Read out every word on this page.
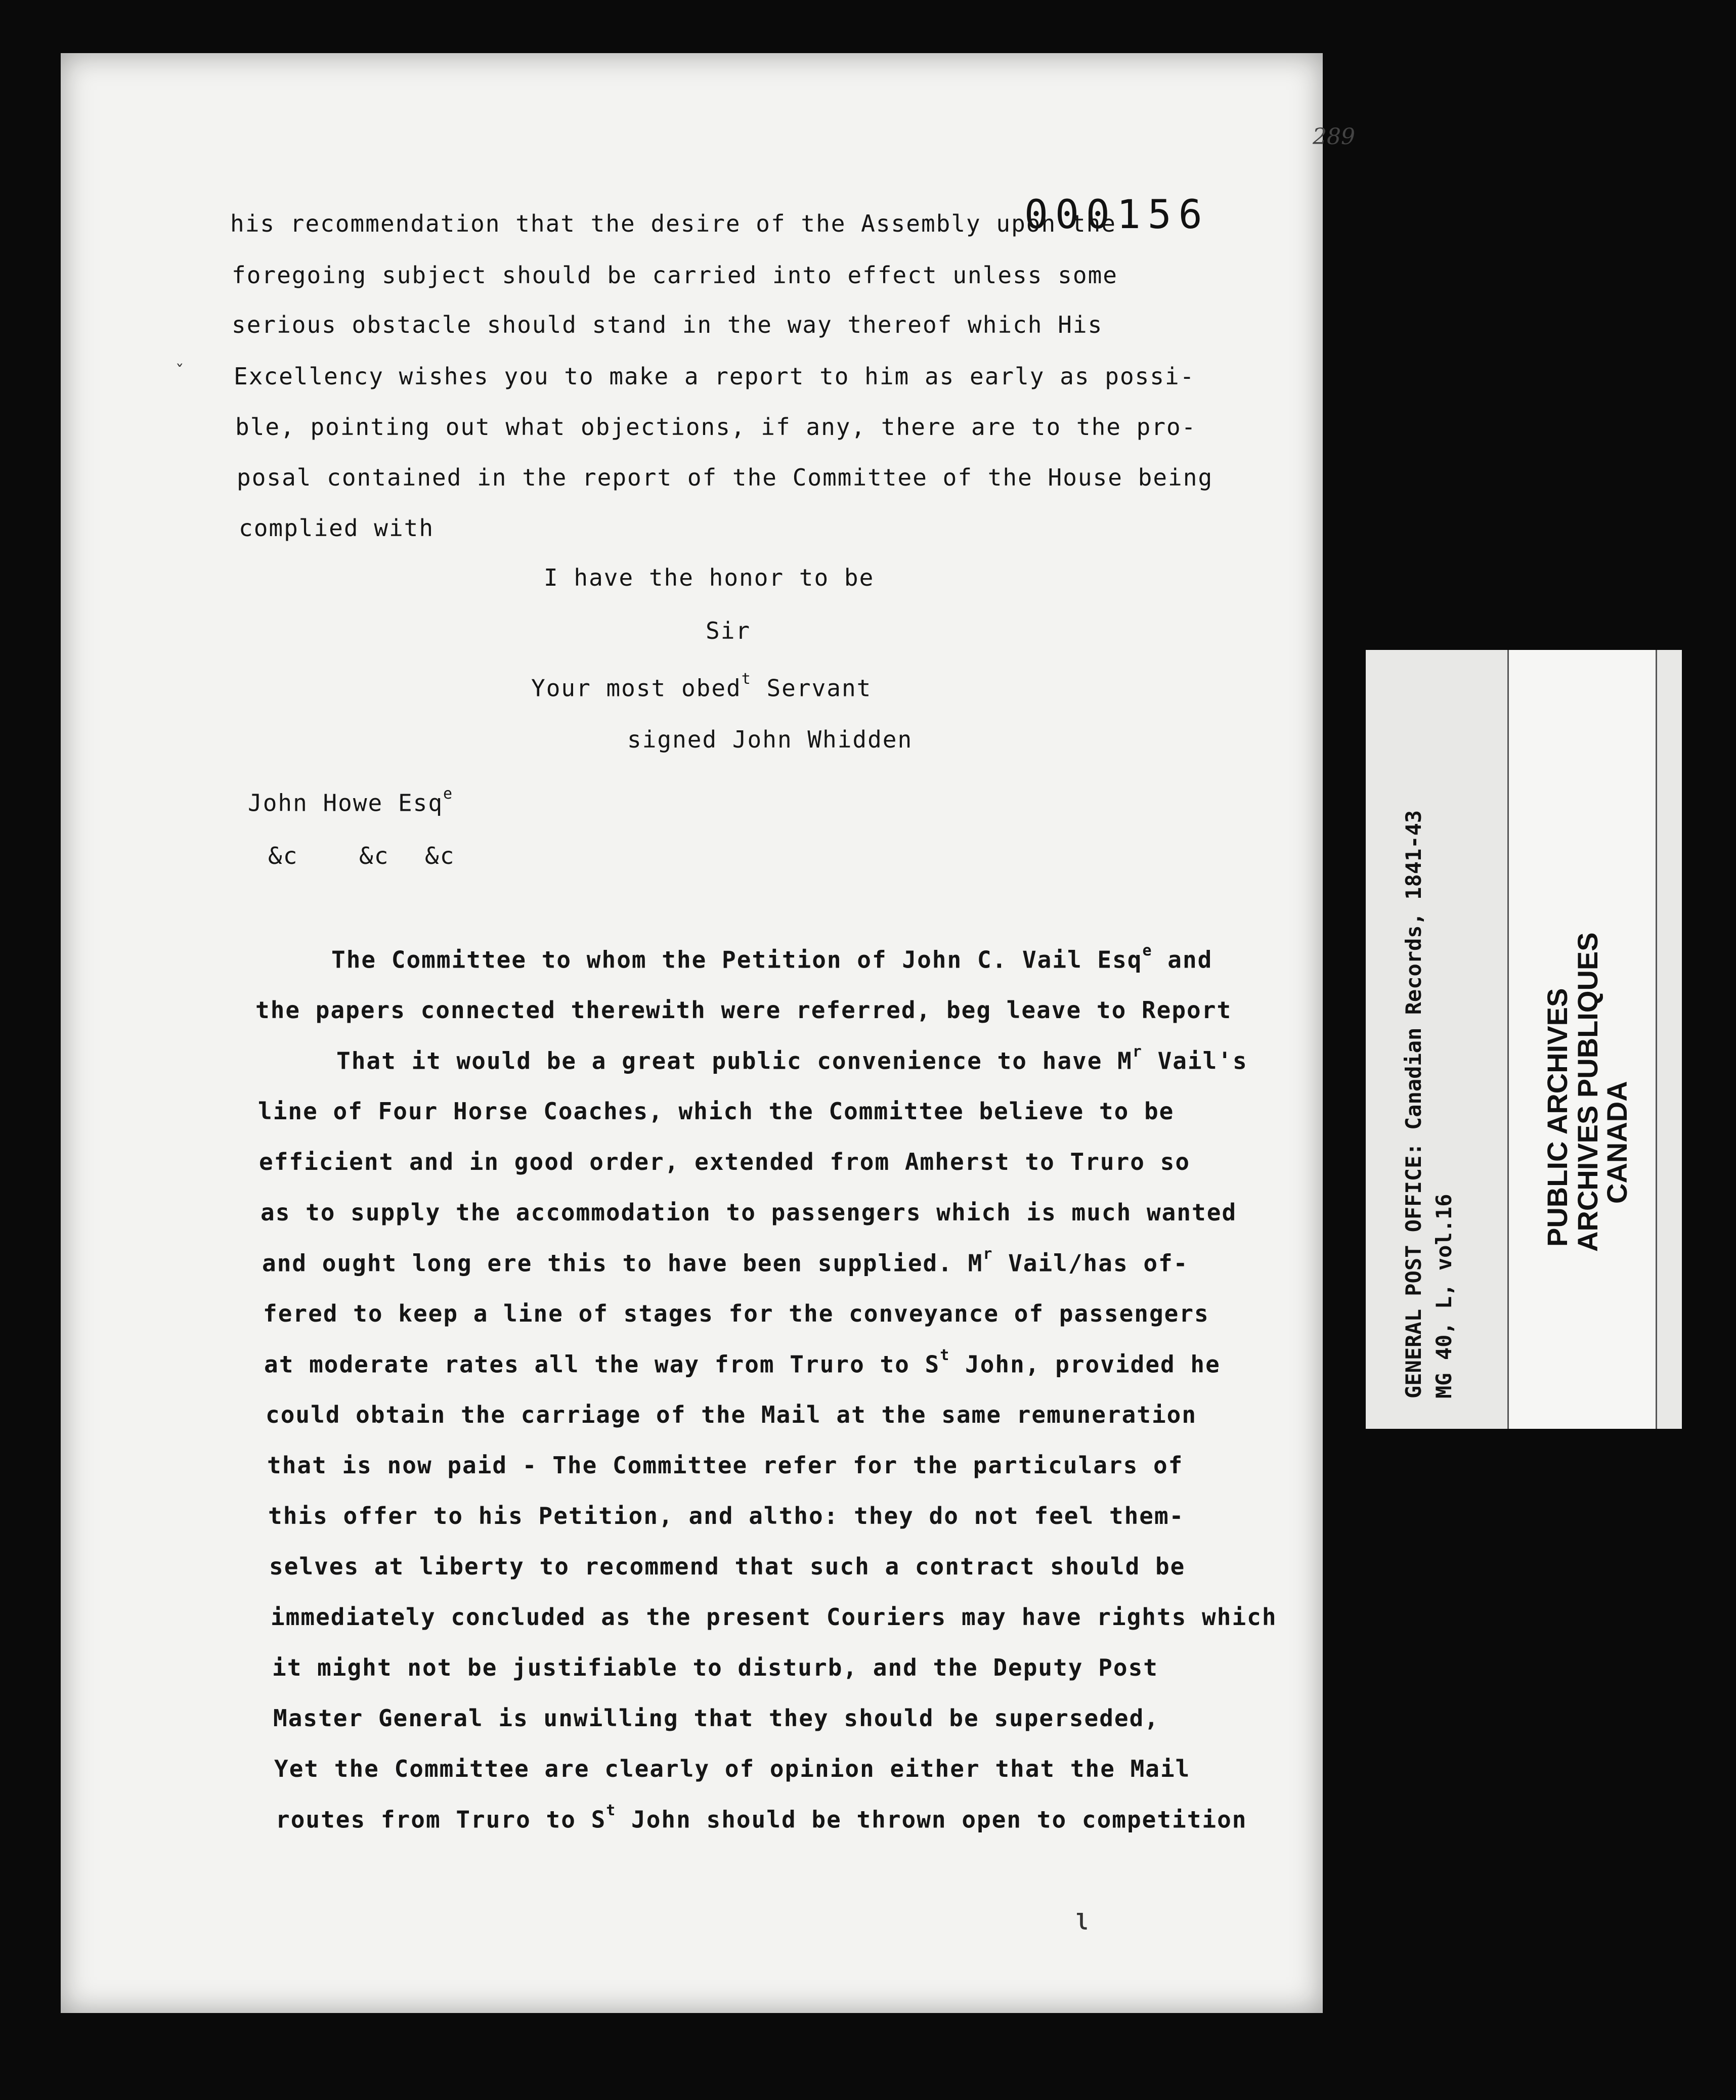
289
000156
his recommendation that the desire of the Assembly upon the
foregoing subject should be carried into effect unless some
serious obstacle should stand in the way thereof which His
Excellency wishes you to make a report to him as early as possi-
ble, pointing out what objections, if any, there are to the pro-
posal contained in the report of the Committee of the House being
complied with
I have the honor to be
Sir
Your most obed$^t$ Servant
signed John Whidden
John Howe Esq$^e$
&c	&c &c
The Committee to whom the Petition of John C. Vail Esq$^e$ and
the papers connected therewith were referred, beg leave to Report
That it would be a great public convenience to have $M^r$ Vail's
line of Four Horse Coaches, which the Committee believe to be
efficient and in good order, extended from Amherst to Truro so
as to supply the accommodation to passengers which is much wanted
and ought long ere this to have been supplied. $M^r$ Vail/has of-
fered to keep a line of stages for the conveyance of passengers
at moderate rates all the way from Truro to $S^t$ John, provided he
could obtain the carriage of the Mail at the same remuneration
that is now paid - The Committee refer for the particulars of
this offer to his Petition, and altho: they do not feel them-
selves at liberty to recommend that such a contract should be
immediately concluded as the present Couriers may have rights which
it might not be justifiable to disturb, and the Deputy Post
Master General is unwilling that they should be superseded,
Yet the Committee are clearly of opinion either that the Mail
routes from Truro to $S^t$ John should be thrown open to competition
ˇ
ι
GENERAL POST OFFICE: Canadian Records, 1841-43 MG 40, L, vol.16
PUBLIC ARCHIVES
ARCHIVES PUBLIQUES
CANADA
